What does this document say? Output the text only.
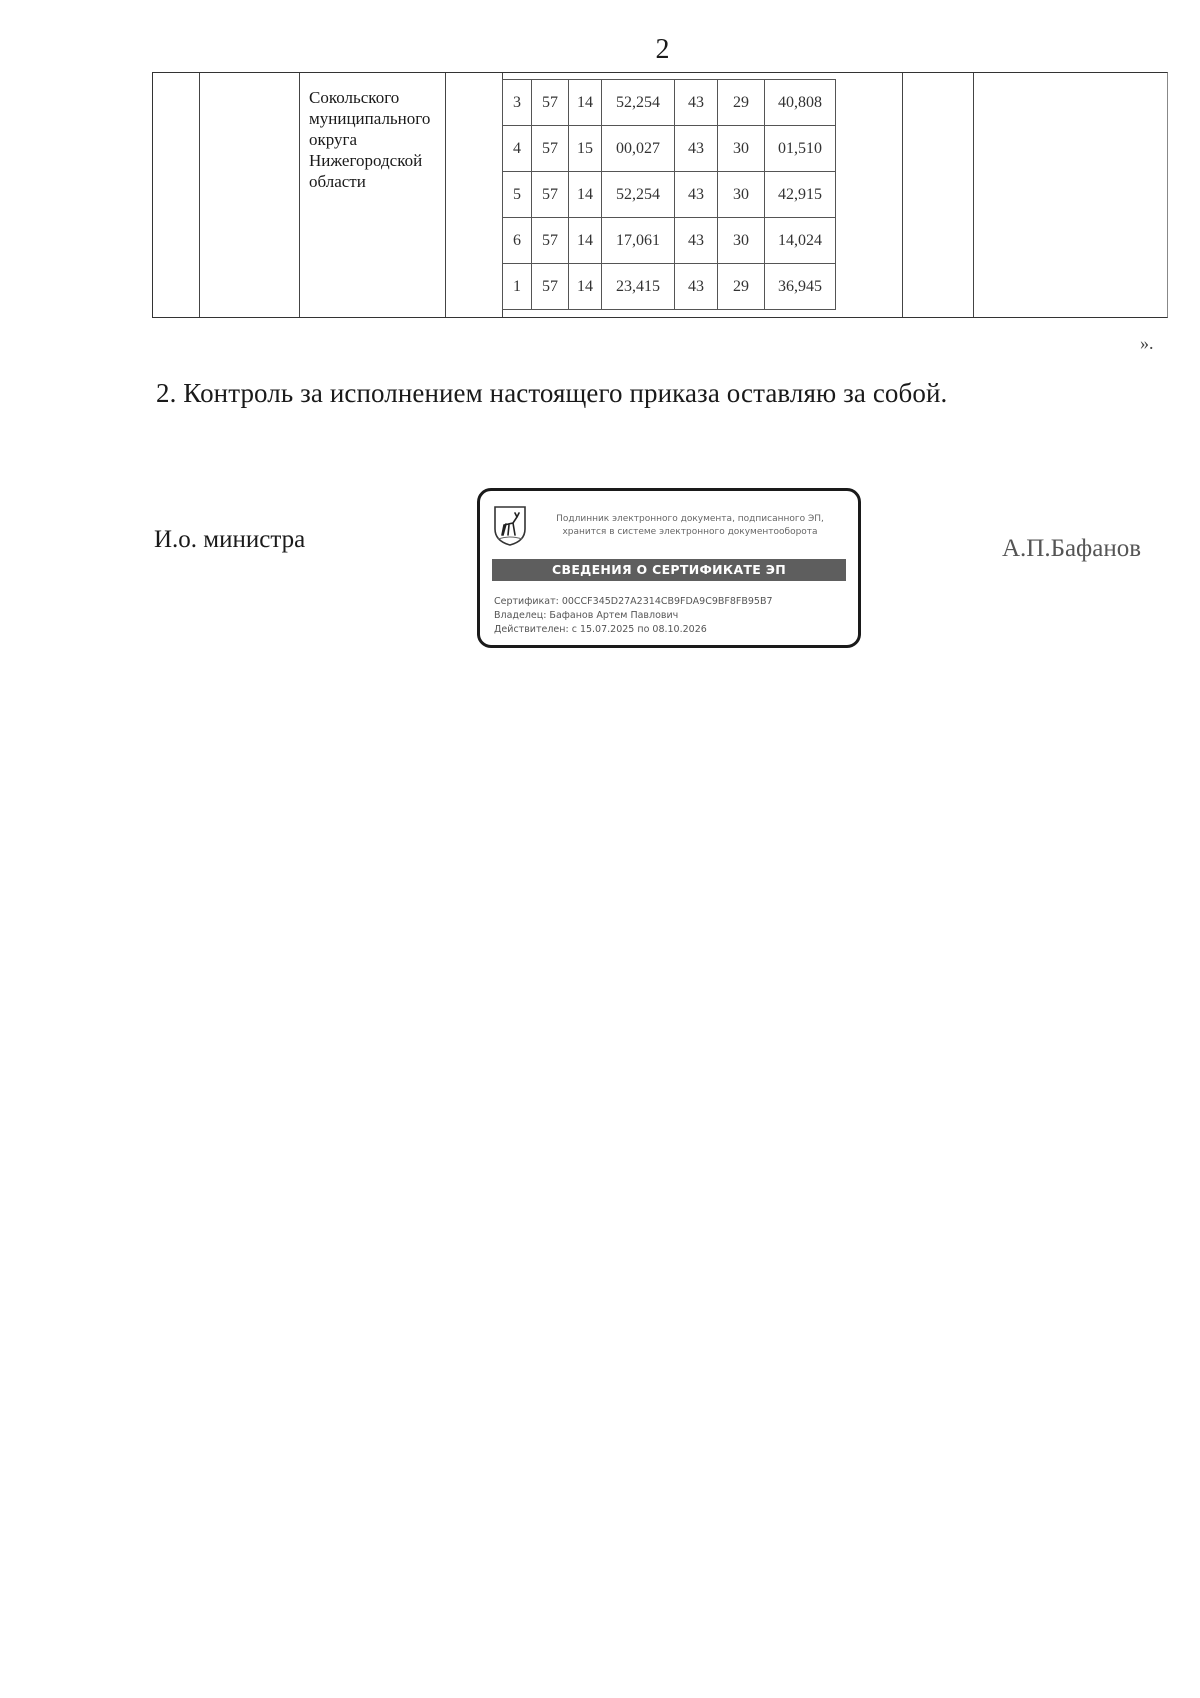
2
Сокольского
муниципального
округа
Нижегородской
области
3	57	14	52,254	43	29	40,808
4	57	15	00,027	43	30	01,510
5	57	14	52,254	43	30	42,915
6	57	14	17,061	43	30	14,024
1	57	14	23,415	43	29	36,945
».
2. Контроль за исполнением настоящего приказа оставляю за собой.
И.о. министра
Подлинник электронного документа, подписанного ЭП,
хранится в системе электронного документооборота
СВЕДЕНИЯ О СЕРТИФИКАТЕ ЭП
Сертификат: 00CCF345D27A2314CB9FDA9C9BF8FB95B7
Владелец: Бафанов Артем Павлович
Действителен: с 15.07.2025 по 08.10.2026
А.П.Бафанов
